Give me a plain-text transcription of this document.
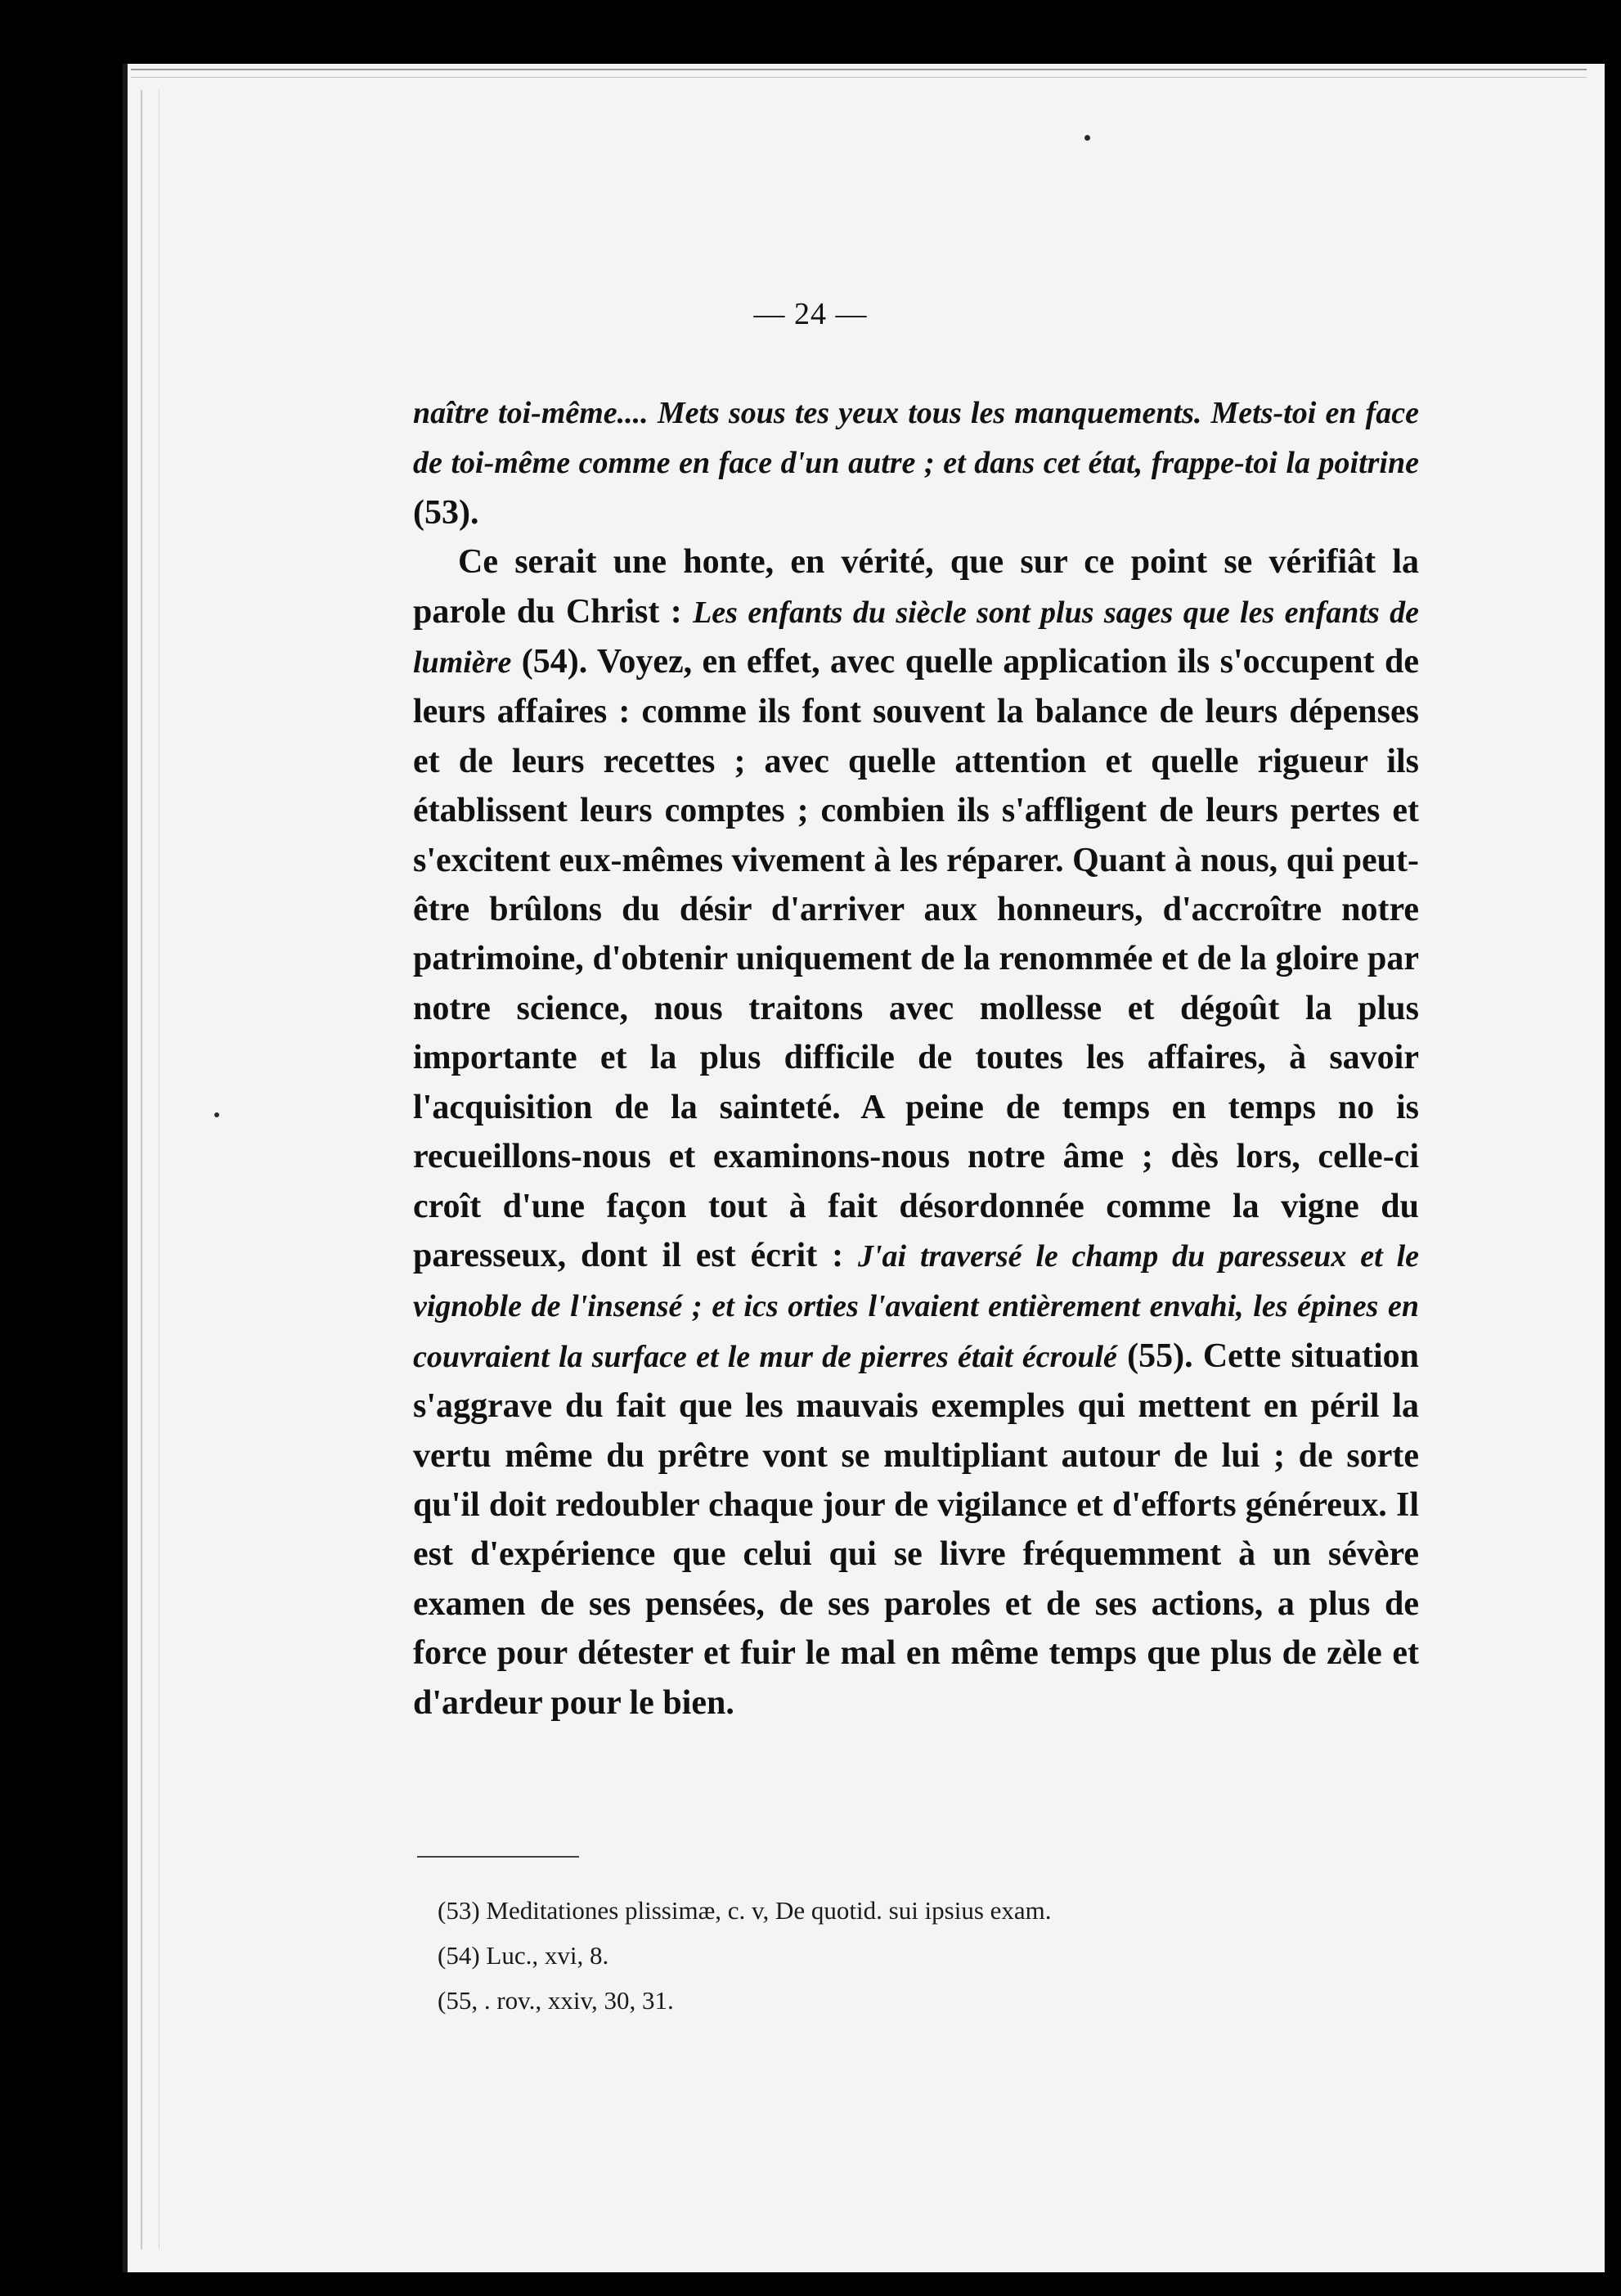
— 24 —

naître toi-même.... Mets sous tes yeux tous les manquements. Mets-toi en face de toi-même comme en face d'un autre ; et dans cet état, frappe-toi la poitrine (53).

Ce serait une honte, en vérité, que sur ce point se vérifiât la parole du Christ : Les enfants du siècle sont plus sages que les enfants de lumière (54). Voyez, en effet, avec quelle application ils s'occupent de leurs affaires : comme ils font souvent la balance de leurs dépenses et de leurs recettes ; avec quelle attention et quelle rigueur ils établissent leurs comptes ; combien ils s'affligent de leurs pertes et s'excitent eux-mêmes vivement à les réparer. Quant à nous, qui peut-être brûlons du désir d'arriver aux honneurs, d'accroître notre patrimoine, d'obtenir uniquement de la renommée et de la gloire par notre science, nous traitons avec mollesse et dégoût la plus importante et la plus difficile de toutes les affaires, à savoir l'acquisition de la sainteté. A peine de temps en temps no is recueillons-nous et examinons-nous notre âme ; dès lors, celle-ci croît d'une façon tout à fait désordonnée comme la vigne du paresseux, dont il est écrit : J'ai traversé le champ du paresseux et le vignoble de l'insensé ; et ics orties l'avaient entièrement envahi, les épines en couvraient la surface et le mur de pierres était écroulé (55). Cette situation s'aggrave du fait que les mauvais exemples qui mettent en péril la vertu même du prêtre vont se multipliant autour de lui ; de sorte qu'il doit redoubler chaque jour de vigilance et d'efforts généreux. Il est d'expérience que celui qui se livre fréquemment à un sévère examen de ses pensées, de ses paroles et de ses actions, a plus de force pour détester et fuir le mal en même temps que plus de zèle et d'ardeur pour le bien.

(53) Meditationes plissimæ, c. v, De quotid. sui ipsius exam.
(54) Luc., xvi, 8.
(55, . rov., xxiv, 30, 31.
